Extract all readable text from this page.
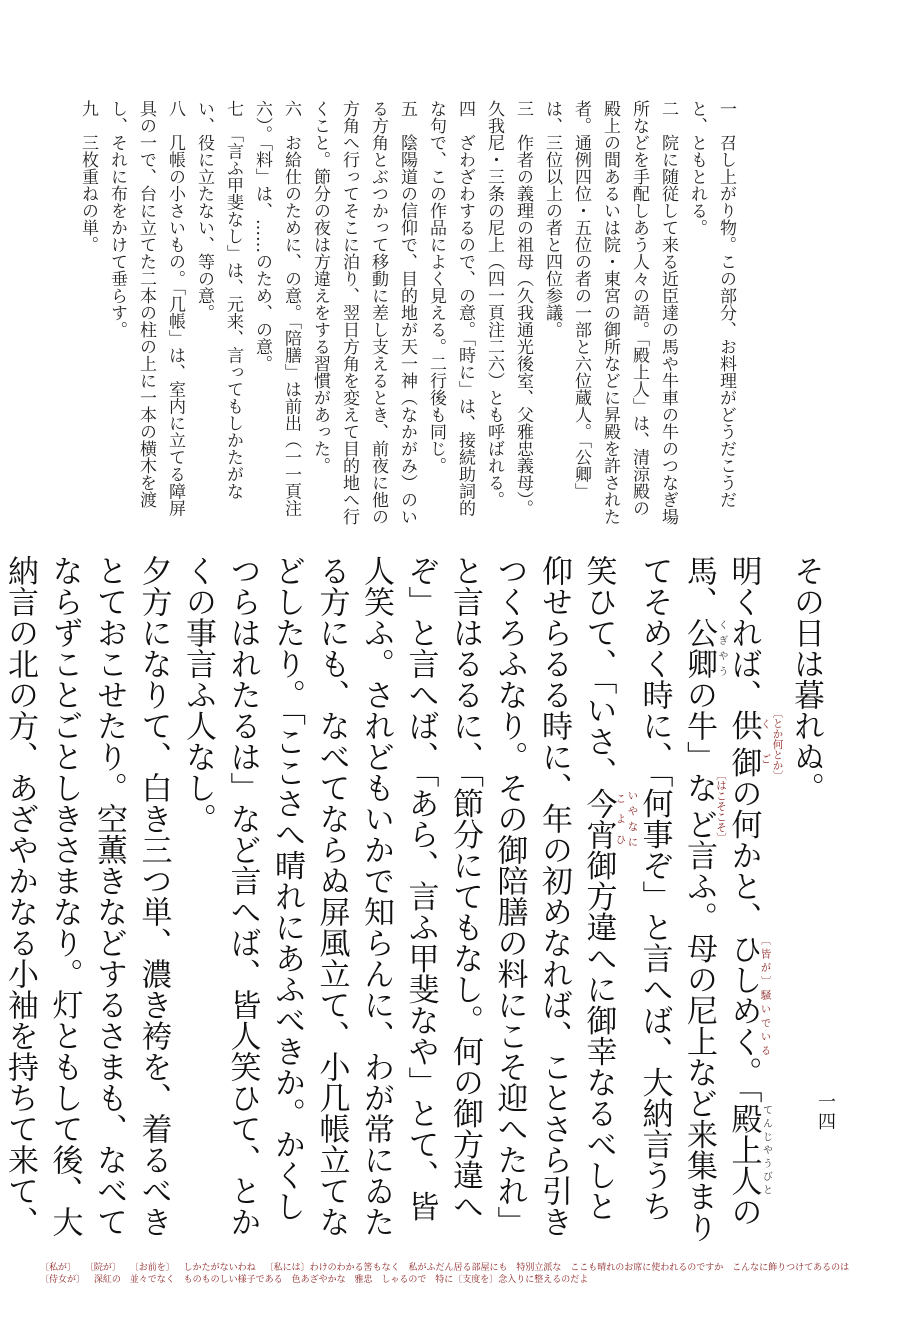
その日は暮れぬ。

明くれば、供御くご 〔とか何とか〕の何かと、ひしめく〔皆が〕騒いでいる。「殿上人 てんじやうびとの馬、公卿 くぎやうの牛」など〔はこそこそ〕言ふ。母の尼上など来集まりてそめく時に、「何事ぞ」と言へば、大納言うち笑ひて、「いさ、今宵こよひ いやなに御方違へに御幸なるべしと仰せらるる時に、年の初めなれば、ことさら引きつくろふなり。その御陪膳の料にこそ迎へたれ」と言はるるに、「節分にてもなし。何の御方違へぞ」と言へば、「あら、言ふ甲斐なや」とて、皆人笑ふ。されどもいかで知らんに、わが常にゐたる方にも、なべてならぬ屏風立て、小几帳立てなどしたり。「ここさへ晴れにあふべきか。かくしつらはれたるは」など言へば、皆人笑ひて、とかくの事言ふ人なし。

夕方になりて、白き三つ単、濃き袴を、着るべきとておこせたり。空薫きなどするさまも、なべてならずことごとしきさまなり。灯ともして後、大納言の北の方、あざやかなる小袖を持ちて来て、

一　召し上がり物。この部分、お料理がどうだこうだと、ともとれる。

二　院に随従して来る近臣達の馬や牛車の牛のつなぎ場所などを手配しあう人々の語。「殿上人」は、清涼殿の殿上の間あるいは院・東宮の御所などに昇殿を許された者。通例四位・五位の者の一部と六位蔵人。「公卿」は、三位以上の者と四位参議。

三　作者の義理の祖母（久我通光後室、父雅忠義母）。久我尼・三条の尼上（四一頁注二六）とも呼ばれる。

四　ざわざわするので、の意。「時に」は、接続助詞的な句で、この作品によく見える。二行後も同じ。

五　陰陽道の信仰で、目的地が天一神（なかがみ）のいる方角とぶつかって移動に差し支えるとき、前夜に他の方角へ行ってそこに泊り、翌日方角を変えて目的地へ行くこと。節分の夜は方違えをする習慣があった。

六　お給仕のために、の意。「陪膳」は前出（一一頁注六）。「料」は、……のため、の意。

七　「言ふ甲斐なし」は、元来、言ってもしかたがない、役に立たない、等の意。

八　几帳の小さいもの。「几帳」は、室内に立てる障屏具の一で、台に立てた二本の柱の上に一本の横木を渡し、それに布をかけて垂らす。

九　三枚重ねの単。

一四
〔私が〕 〔院が〕 〔お前を〕 しかたがないわね 〔私には〕わけのわかる筈もなく 私がふだん居る部屋にも 特別立派な ここも晴れのお席に使われるのですか こんなに飾りつけてあるのは 〔侍女が〕 深紅の 並々でなく ものものしい様子である 色あざやかな 雅忠 しゃるので 特に〔支度を〕念入りに整えるのだよ
